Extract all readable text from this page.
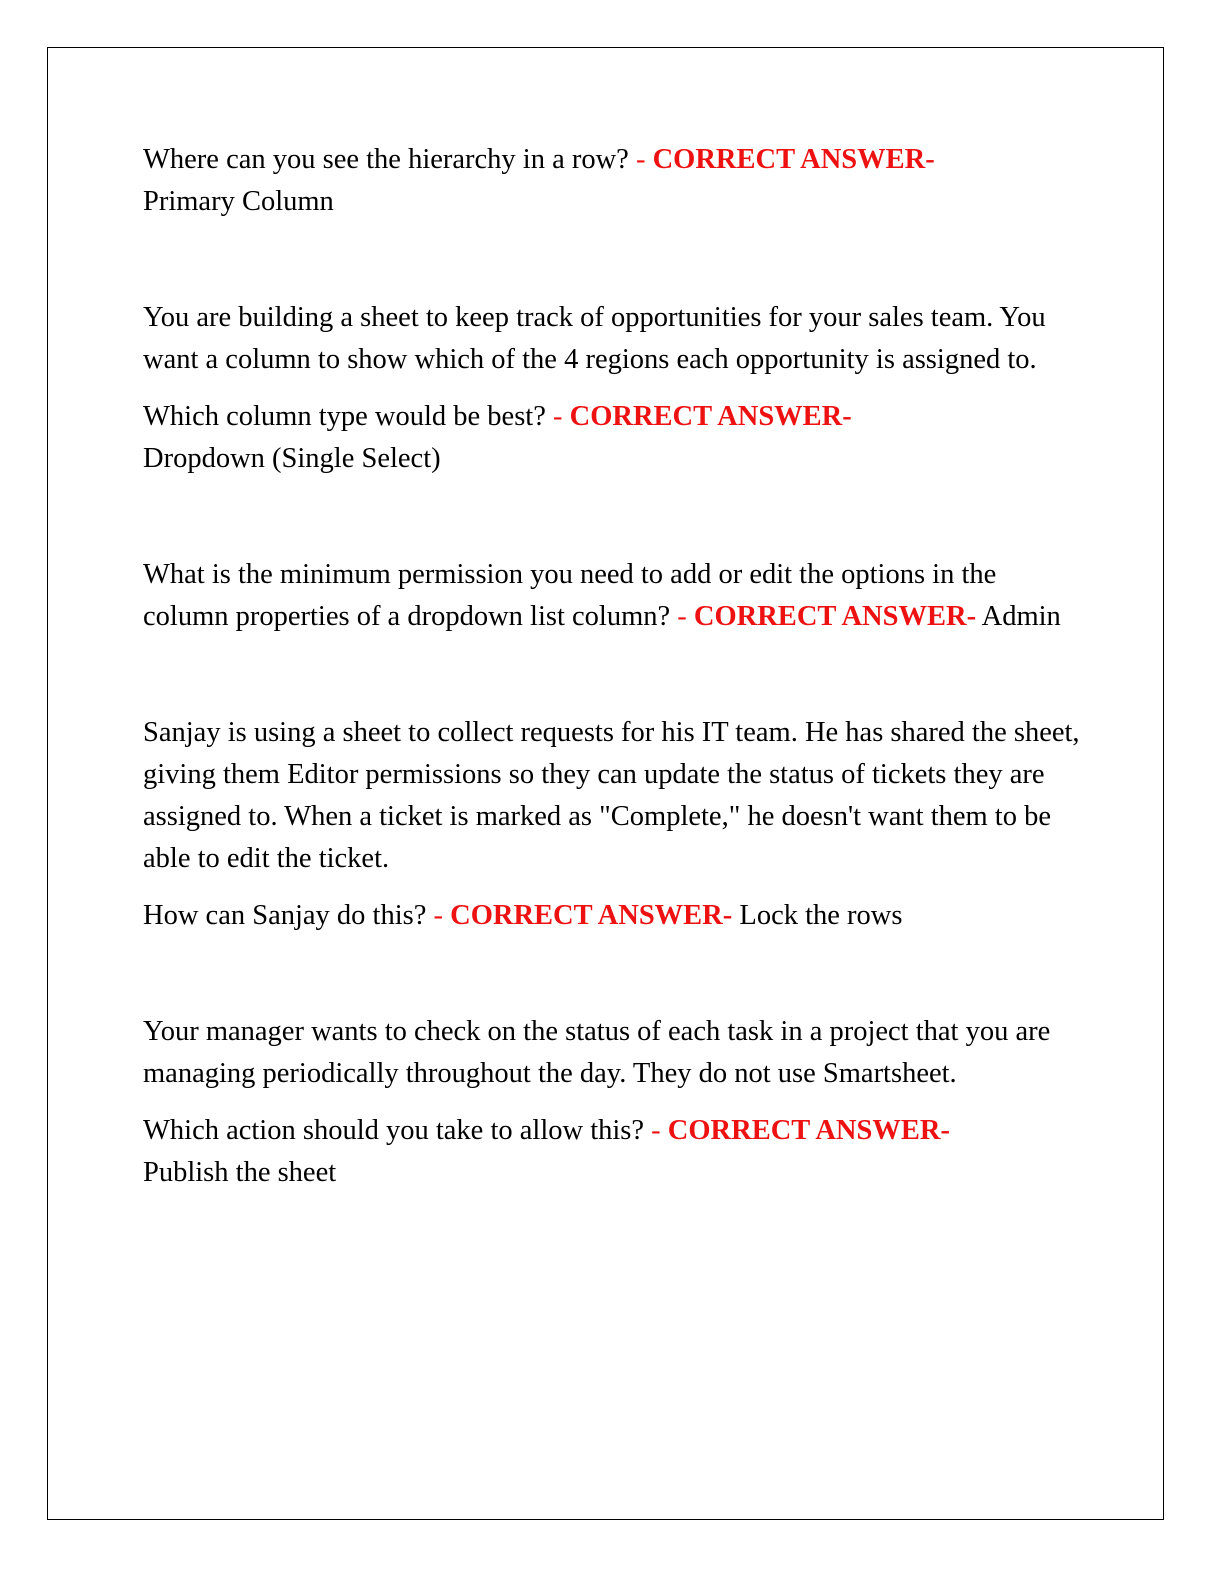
Where can you see the hierarchy in a row? - CORRECT ANSWER-
Primary Column

You are building a sheet to keep track of opportunities for your sales team. You want a column to show which of the 4 regions each opportunity is assigned to.

Which column type would be best? - CORRECT ANSWER-
Dropdown (Single Select)

What is the minimum permission you need to add or edit the options in the column properties of a dropdown list column? - CORRECT ANSWER- Admin

Sanjay is using a sheet to collect requests for his IT team. He has shared the sheet, giving them Editor permissions so they can update the status of tickets they are assigned to. When a ticket is marked as "Complete," he doesn't want them to be able to edit the ticket.

How can Sanjay do this? - CORRECT ANSWER- Lock the rows

Your manager wants to check on the status of each task in a project that you are managing periodically throughout the day. They do not use Smartsheet.

Which action should you take to allow this? - CORRECT ANSWER-
Publish the sheet
